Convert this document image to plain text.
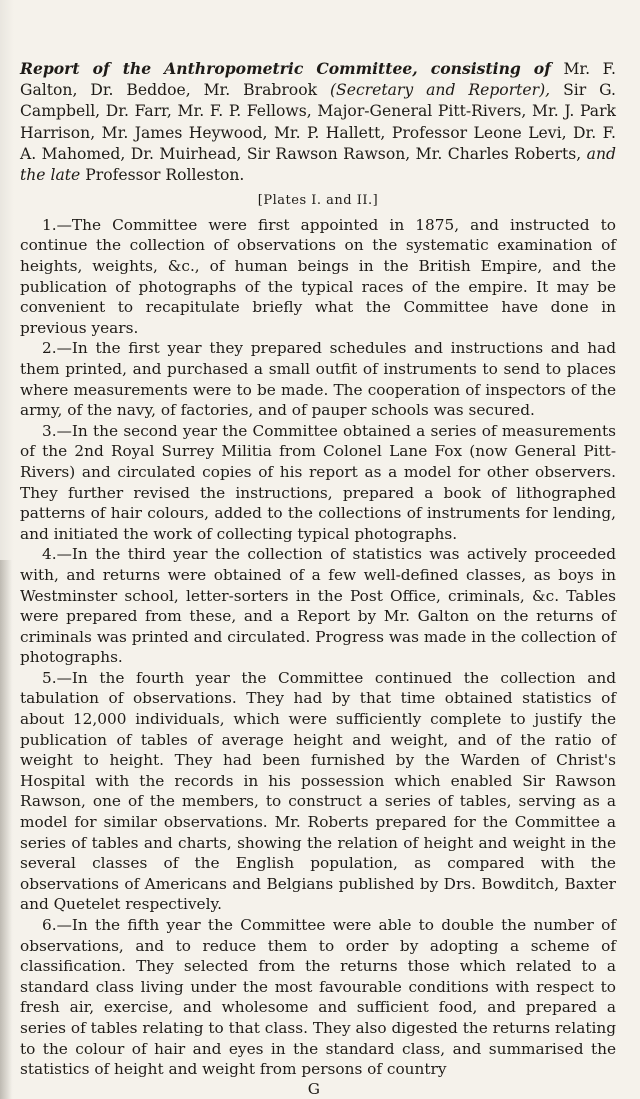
Report of the Anthropometric Committee, consisting of Mr. F. Galton, Dr. Beddoe, Mr. Brabrook (Secretary and Reporter), Sir G. Campbell, Dr. Farr, Mr. F. P. Fellows, Major-General Pitt-Rivers, Mr. J. Park Harrison, Mr. James Heywood, Mr. P. Hallett, Professor Leone Levi, Dr. F. A. Mahomed, Dr. Muirhead, Sir Rawson Rawson, Mr. Charles Roberts, and the late Professor Rolleston.

[Plates I. and II.]

1.—The Committee were first appointed in 1875, and instructed to continue the collection of observations on the systematic examination of heights, weights, &c., of human beings in the British Empire, and the publication of photographs of the typical races of the empire. It may be convenient to recapitulate briefly what the Committee have done in previous years.

2.—In the first year they prepared schedules and instructions and had them printed, and purchased a small outfit of instruments to send to places where measurements were to be made. The cooperation of inspectors of the army, of the navy, of factories, and of pauper schools was secured.

3.—In the second year the Committee obtained a series of measurements of the 2nd Royal Surrey Militia from Colonel Lane Fox (now General Pitt-Rivers) and circulated copies of his report as a model for other observers. They further revised the instructions, prepared a book of lithographed patterns of hair colours, added to the collections of instruments for lending, and initiated the work of collecting typical photographs.

4.—In the third year the collection of statistics was actively proceeded with, and returns were obtained of a few well-defined classes, as boys in Westminster school, letter-sorters in the Post Office, criminals, &c. Tables were prepared from these, and a Report by Mr. Galton on the returns of criminals was printed and circulated. Progress was made in the collection of photographs.

5.—In the fourth year the Committee continued the collection and tabulation of observations. They had by that time obtained statistics of about 12,000 individuals, which were sufficiently complete to justify the publication of tables of average height and weight, and of the ratio of weight to height. They had been furnished by the Warden of Christ's Hospital with the records in his possession which enabled Sir Rawson Rawson, one of the members, to construct a series of tables, serving as a model for similar observations. Mr. Roberts prepared for the Committee a series of tables and charts, showing the relation of height and weight in the several classes of the English population, as compared with the observations of Americans and Belgians published by Drs. Bowditch, Baxter and Quetelet respectively.

6.—In the fifth year the Committee were able to double the number of observations, and to reduce them to order by adopting a scheme of classification. They selected from the returns those which related to a standard class living under the most favourable conditions with respect to fresh air, exercise, and wholesome and sufficient food, and prepared a series of tables relating to that class. They also digested the returns relating to the colour of hair and eyes in the standard class, and summarised the statistics of height and weight from persons of country

G
